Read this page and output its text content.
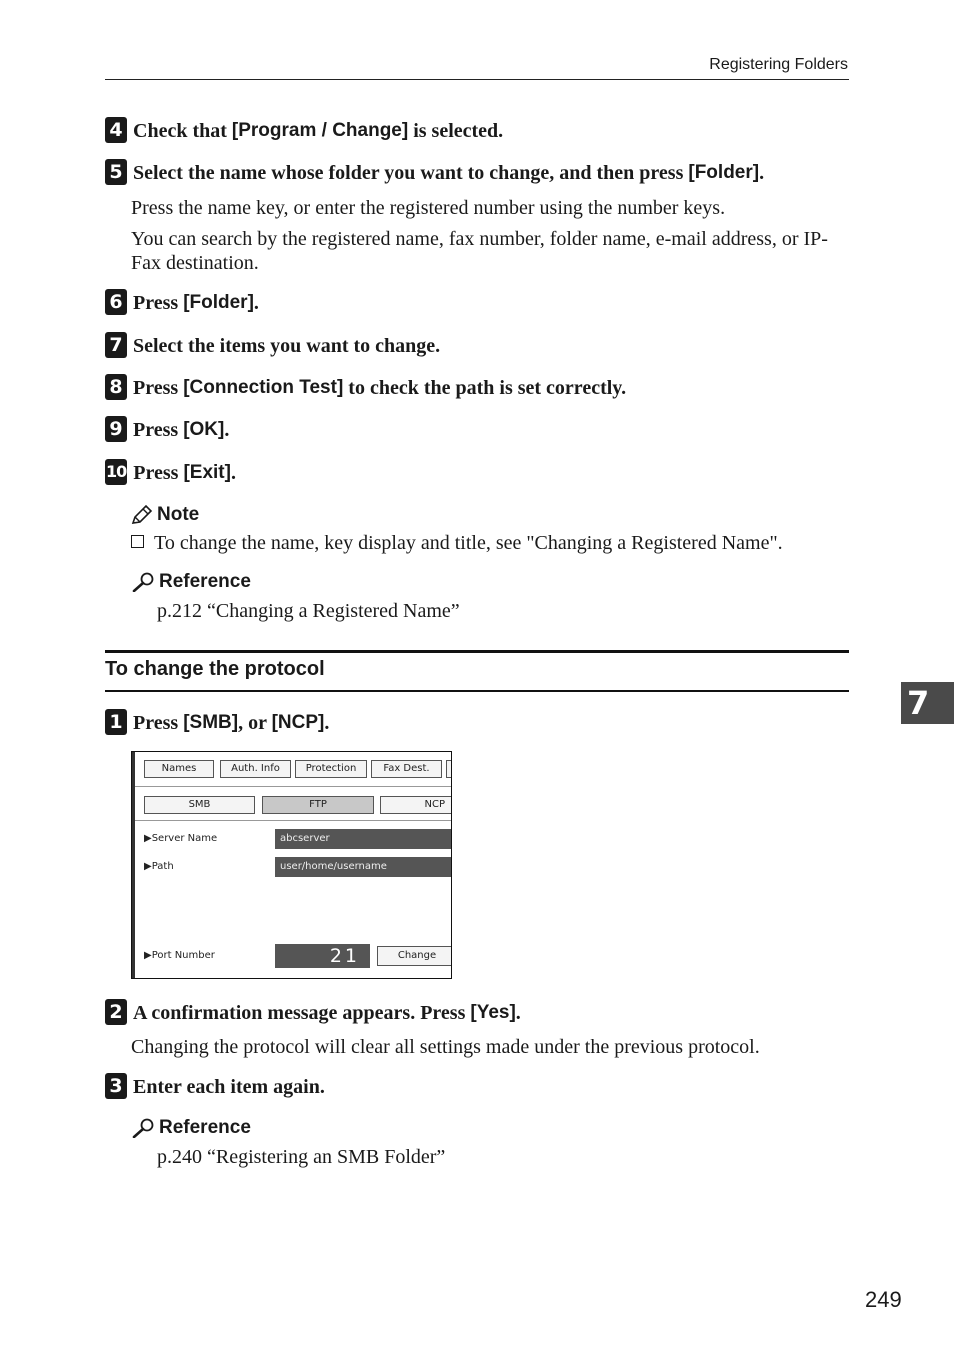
Registering Folders
4 Check that [Program / Change] is selected.
5 Select the name whose folder you want to change, and then press [Folder] .
Press the name key, or enter the registered number using the number keys.
You can search by the registered name, fax number, folder name, e-mail address, or IP-Fax destination.
6 Press [Folder] .
7 Select the items you want to change.
8 Press [Connection Test] to check the path is set correctly.
9 Press [OK] .
10 Press [Exit] .
Note
To change the name, key display and title, see "Changing a Registered Name".
Reference
p.212 “Changing a Registered Name”
To change the protocol
7
1 Press [SMB] , or [NCP] .
Names	Auth. Info	Protection	Fax Dest.
SMB	FTP	NCP
▶Server Name	abcserver
▶Path	user/home/username
▶Port Number	21	Change
2 A confirmation message appears. Press [Yes] .
Changing the protocol will clear all settings made under the previous protocol.
3 Enter each item again.
Reference
p.240 “Registering an SMB Folder”
249
